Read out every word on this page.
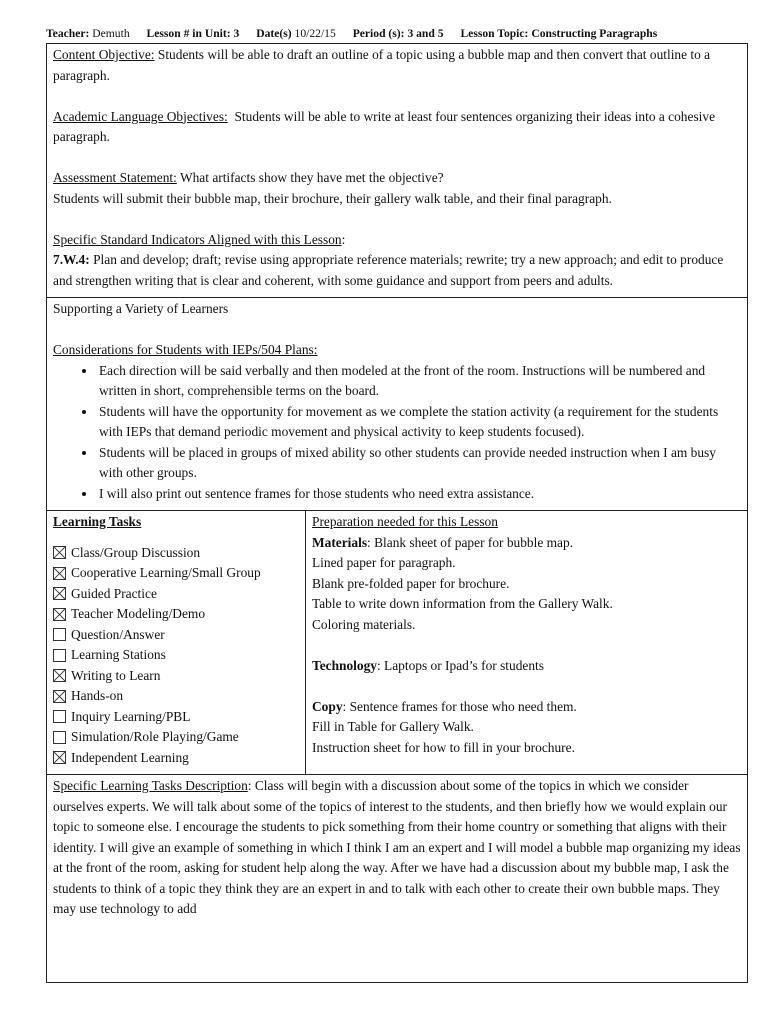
Teacher: Demuth Lesson # in Unit: 3 Date(s) 10/22/15 Period (s): 3 and 5 Lesson Topic: Constructing Paragraphs

Content Objective: Students will be able to draft an outline of a topic using a bubble map and then convert that outline to a paragraph.

Academic Language Objectives: Students will be able to write at least four sentences organizing their ideas into a cohesive paragraph.

Assessment Statement: What artifacts show they have met the objective?

Students will submit their bubble map, their brochure, their gallery walk table, and their final paragraph.

Specific Standard Indicators Aligned with this Lesson:

7.W.4: Plan and develop; draft; revise using appropriate reference materials; rewrite; try a new approach; and edit to produce and strengthen writing that is clear and coherent, with some guidance and support from peers and adults.

Supporting a Variety of Learners

Considerations for Students with IEPs/504 Plans:

• Each direction will be said verbally and then modeled at the front of the room. Instructions will be numbered and written in short, comprehensible terms on the board.
• Students will have the opportunity for movement as we complete the station activity (a requirement for the students with IEPs that demand periodic movement and physical activity to keep students focused).
• Students will be placed in groups of mixed ability so other students can provide needed instruction when I am busy with other groups.
• I will also print out sentence frames for those students who need extra assistance.

Learning Tasks

Class/Group Discussion
Cooperative Learning/Small Group
Guided Practice
Teacher Modeling/Demo
Question/Answer
Learning Stations
Writing to Learn
Hands-on
Inquiry Learning/PBL
Simulation/Role Playing/Game
Independent Learning

Preparation needed for this Lesson

Materials: Blank sheet of paper for bubble map.

Lined paper for paragraph.

Blank pre-folded paper for brochure.

Table to write down information from the Gallery Walk.

Coloring materials.

Technology: Laptops or Ipad’s for students

Copy: Sentence frames for those who need them.

Fill in Table for Gallery Walk.

Instruction sheet for how to fill in your brochure.

Specific Learning Tasks Description: Class will begin with a discussion about some of the topics in which we consider ourselves experts. We will talk about some of the topics of interest to the students, and then briefly how we would explain our topic to someone else. I encourage the students to pick something from their home country or something that aligns with their identity. I will give an example of something in which I think I am an expert and I will model a bubble map organizing my ideas at the front of the room, asking for student help along the way. After we have had a discussion about my bubble map, I ask the students to think of a topic they think they are an expert in and to talk with each other to create their own bubble maps. They may use technology to add
